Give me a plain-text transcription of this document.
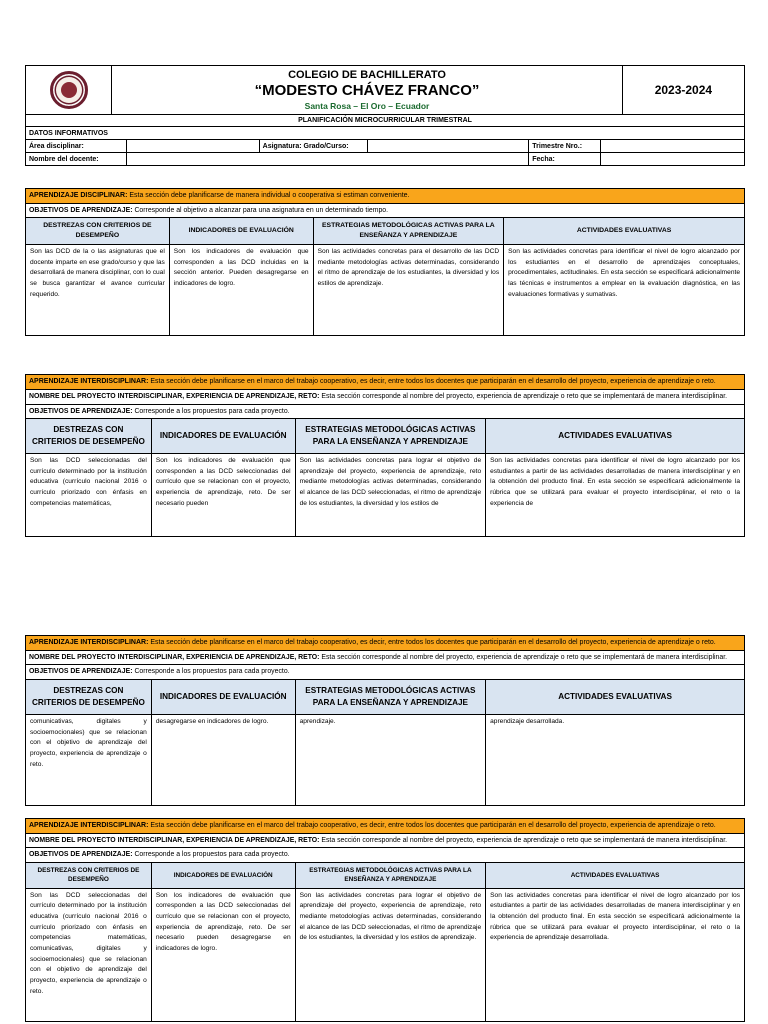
COLEGIO DE BACHILLERATO
“MODESTO CHÁVEZ FRANCO”
Santa Rosa – El Oro – Ecuador
	2023-2024
PLANIFICACIÓN MICROCURRICULAR TRIMESTRAL
DATOS INFORMATIVOS					
Área disciplinar:		Asignatura: Grado/Curso:		Trimestre Nro.:	
Nombre del docente:				Fecha:	
APRENDIZAJE DISCIPLINAR: Esta sección debe planificarse de manera individual o cooperativa si estiman conveniente.
OBJETIVOS DE APRENDIZAJE: Corresponde al objetivo a alcanzar para una asignatura en un determinado tiempo.
DESTREZAS CON CRITERIOS DE DESEMPEÑO	INDICADORES DE EVALUACIÓN	ESTRATEGIAS METODOLÓGICAS ACTIVAS PARA LA ENSEÑANZA Y APRENDIZAJE	ACTIVIDADES EVALUATIVAS
Son las DCD de la o las asignaturas que el docente imparte en ese grado/curso y que las desarrollará de manera disciplinar, con lo cual se busca garantizar el avance curricular requerido.	Son los indicadores de evaluación que corresponden a las DCD incluidas en la sección anterior. Pueden desagregarse en indicadores de logro.	Son las actividades concretas para el desarrollo de las DCD mediante metodologías activas determinadas, considerando el ritmo de aprendizaje de los estudiantes, la diversidad y los estilos de aprendizaje.	Son las actividades concretas para identificar el nivel de logro alcanzado por los estudiantes en el desarrollo de aprendizajes conceptuales, procedimentales, actitudinales. En esta sección se especificará adicionalmente las técnicas e instrumentos a emplear en la evaluación diagnóstica, en las evaluaciones formativas y sumativas.
APRENDIZAJE INTERDISCIPLINAR: Esta sección debe planificarse en el marco del trabajo cooperativo, es decir, entre todos los docentes que participarán en el desarrollo del proyecto, experiencia de aprendizaje o reto.
NOMBRE DEL PROYECTO INTERDISCIPLINAR, EXPERIENCIA DE APRENDIZAJE, RETO: Esta sección corresponde al nombre del proyecto, experiencia de aprendizaje o reto que se implementará de manera interdisciplinar.
OBJETIVOS DE APRENDIZAJE: Corresponde a los propuestos para cada proyecto.
DESTREZAS CON CRITERIOS DE DESEMPEÑO	INDICADORES DE EVALUACIÓN	ESTRATEGIAS METODOLÓGICAS ACTIVAS PARA LA ENSEÑANZA Y APRENDIZAJE	ACTIVIDADES EVALUATIVAS
Son las DCD seleccionadas del currículo determinado por la institución educativa (currículo nacional 2016 o currículo priorizado con énfasis en competencias matemáticas,	Son los indicadores de evaluación que corresponden a las DCD seleccionadas del currículo que se relacionan con el proyecto, experiencia de aprendizaje, reto. De ser necesario pueden	Son las actividades concretas para lograr el objetivo de aprendizaje del proyecto, experiencia de aprendizaje, reto mediante metodologías activas determinadas, considerando el alcance de las DCD seleccionadas, el ritmo de aprendizaje de los estudiantes, la diversidad y los estilos de	Son las actividades concretas para identificar el nivel de logro alcanzado por los estudiantes a partir de las actividades desarrolladas de manera interdisciplinar y en la obtención del producto final. En esta sección se especificará adicionalmente la rúbrica que se utilizará para evaluar el proyecto interdisciplinar, el reto o la experiencia de
APRENDIZAJE INTERDISCIPLINAR: Esta sección debe planificarse en el marco del trabajo cooperativo, es decir, entre todos los docentes que participarán en el desarrollo del proyecto, experiencia de aprendizaje o reto.
NOMBRE DEL PROYECTO INTERDISCIPLINAR, EXPERIENCIA DE APRENDIZAJE, RETO: Esta sección corresponde al nombre del proyecto, experiencia de aprendizaje o reto que se implementará de manera interdisciplinar.
OBJETIVOS DE APRENDIZAJE: Corresponde a los propuestos para cada proyecto.
DESTREZAS CON CRITERIOS DE DESEMPEÑO	INDICADORES DE EVALUACIÓN	ESTRATEGIAS METODOLÓGICAS ACTIVAS PARA LA ENSEÑANZA Y APRENDIZAJE	ACTIVIDADES EVALUATIVAS
comunicativas, digitales y socioemocionales) que se relacionan con el objetivo de aprendizaje del proyecto, experiencia de aprendizaje o reto.	desagregarse en indicadores de logro.	aprendizaje.	aprendizaje desarrollada.
APRENDIZAJE INTERDISCIPLINAR: Esta sección debe planificarse en el marco del trabajo cooperativo, es decir, entre todos los docentes que participarán en el desarrollo del proyecto, experiencia de aprendizaje o reto.
NOMBRE DEL PROYECTO INTERDISCIPLINAR, EXPERIENCIA DE APRENDIZAJE, RETO: Esta sección corresponde al nombre del proyecto, experiencia de aprendizaje o reto que se implementará de manera interdisciplinar.
OBJETIVOS DE APRENDIZAJE: Corresponde a los propuestos para cada proyecto.
DESTREZAS CON CRITERIOS DE DESEMPEÑO	INDICADORES DE EVALUACIÓN	ESTRATEGIAS METODOLÓGICAS ACTIVAS PARA LA ENSEÑANZA Y APRENDIZAJE	ACTIVIDADES EVALUATIVAS
Son las DCD seleccionadas del currículo determinado por la institución educativa (currículo nacional 2016 o currículo priorizado con énfasis en competencias matemáticas, comunicativas, digitales y socioemocionales) que se relacionan con el objetivo de aprendizaje del proyecto, experiencia de aprendizaje o reto.	Son los indicadores de evaluación que corresponden a las DCD seleccionadas del currículo que se relacionan con el proyecto, experiencia de aprendizaje, reto. De ser necesario pueden desagregarse en indicadores de logro.	Son las actividades concretas para lograr el objetivo de aprendizaje del proyecto, experiencia de aprendizaje, reto mediante metodologías activas determinadas, considerando el alcance de las DCD seleccionadas, el ritmo de aprendizaje de los estudiantes, la diversidad y los estilos de aprendizaje.	Son las actividades concretas para identificar el nivel de logro alcanzado por los estudiantes a partir de las actividades desarrolladas de manera interdisciplinar y en la obtención del producto final. En esta sección se especificará adicionalmente la rúbrica que se utilizará para evaluar el proyecto interdisciplinar, el reto o la experiencia de aprendizaje desarrollada.
